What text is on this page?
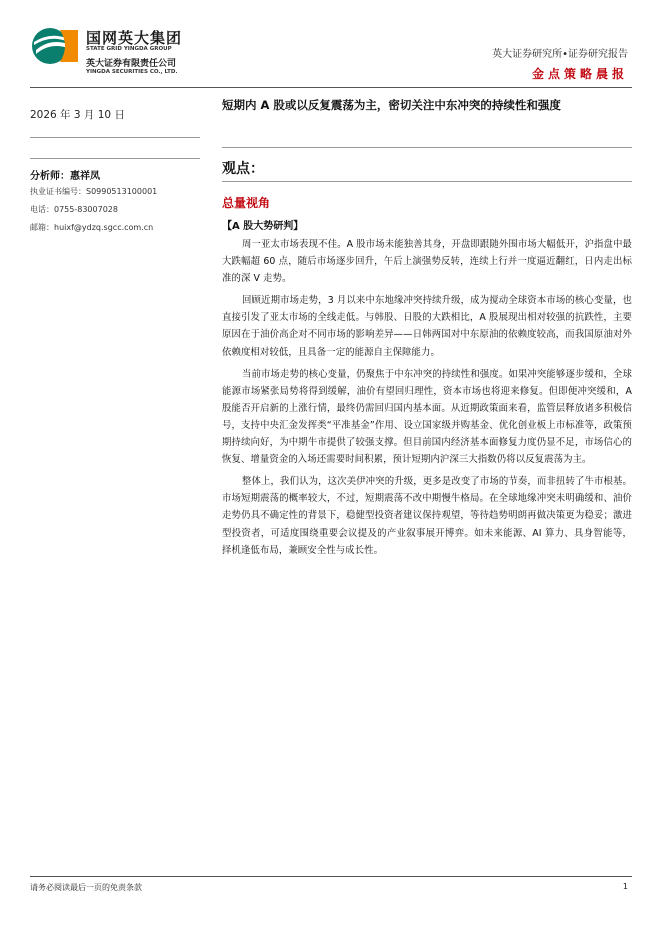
国网英大集团
STATE GRID YINGDA GROUP
英大证券有限责任公司
YINGDA SECURITIES CO., LTD.
英大证券研究所•证券研究报告
金点策略晨报
2026 年 3 月 10 日
分析师：惠祥凤
执业证书编号：S0990513100001
电话：0755-83007028
邮箱：huixf@ydzq.sgcc.com.cn
短期内 A 股或以反复震荡为主，密切关注中东冲突的持续性和强度
观点：
总量视角
【A 股大势研判】

周一亚太市场表现不佳。A 股市场未能独善其身，开盘即跟随外围市场大幅低开，沪指盘中最大跌幅超 60 点，随后市场逐步回升，午后上演强势反转，连续上行并一度逼近翻红，日内走出标准的深 V 走势。

回顾近期市场走势，3 月以来中东地缘冲突持续升级，成为搅动全球资本市场的核心变量，也直接引发了亚太市场的全线走低。与韩股、日股的大跌相比，A 股展现出相对较强的抗跌性，主要原因在于油价高企对不同市场的影响差异——日韩两国对中东原油的依赖度较高，而我国原油对外依赖度相对较低，且具备一定的能源自主保障能力。

当前市场走势的核心变量，仍聚焦于中东冲突的持续性和强度。如果冲突能够逐步缓和，全球能源市场紧张局势将得到缓解，油价有望回归理性，资本市场也将迎来修复。但即便冲突缓和，A 股能否开启新的上涨行情，最终仍需回归国内基本面。从近期政策面来看，监管层释放诸多积极信号，支持中央汇金发挥类“平准基金”作用、设立国家级并购基金、优化创业板上市标准等，政策预期持续向好，为中期牛市提供了较强支撑。但目前国内经济基本面修复力度仍显不足，市场信心的恢复、增量资金的入场还需要时间积累，预计短期内沪深三大指数仍将以反复震荡为主。

整体上，我们认为，这次美伊冲突的升级，更多是改变了市场的节奏，而非扭转了牛市根基。市场短期震荡的概率较大，不过，短期震荡不改中期慢牛格局。在全球地缘冲突未明确缓和、油价走势仍具不确定性的背景下，稳健型投资者建议保持观望，等待趋势明朗再做决策更为稳妥；激进型投资者，可适度围绕重要会议提及的产业叙事展开博弈。如未来能源、AI 算力、具身智能等，择机逢低布局，兼顾安全性与成长性。

请务必阅读最后一页的免责条款	1
